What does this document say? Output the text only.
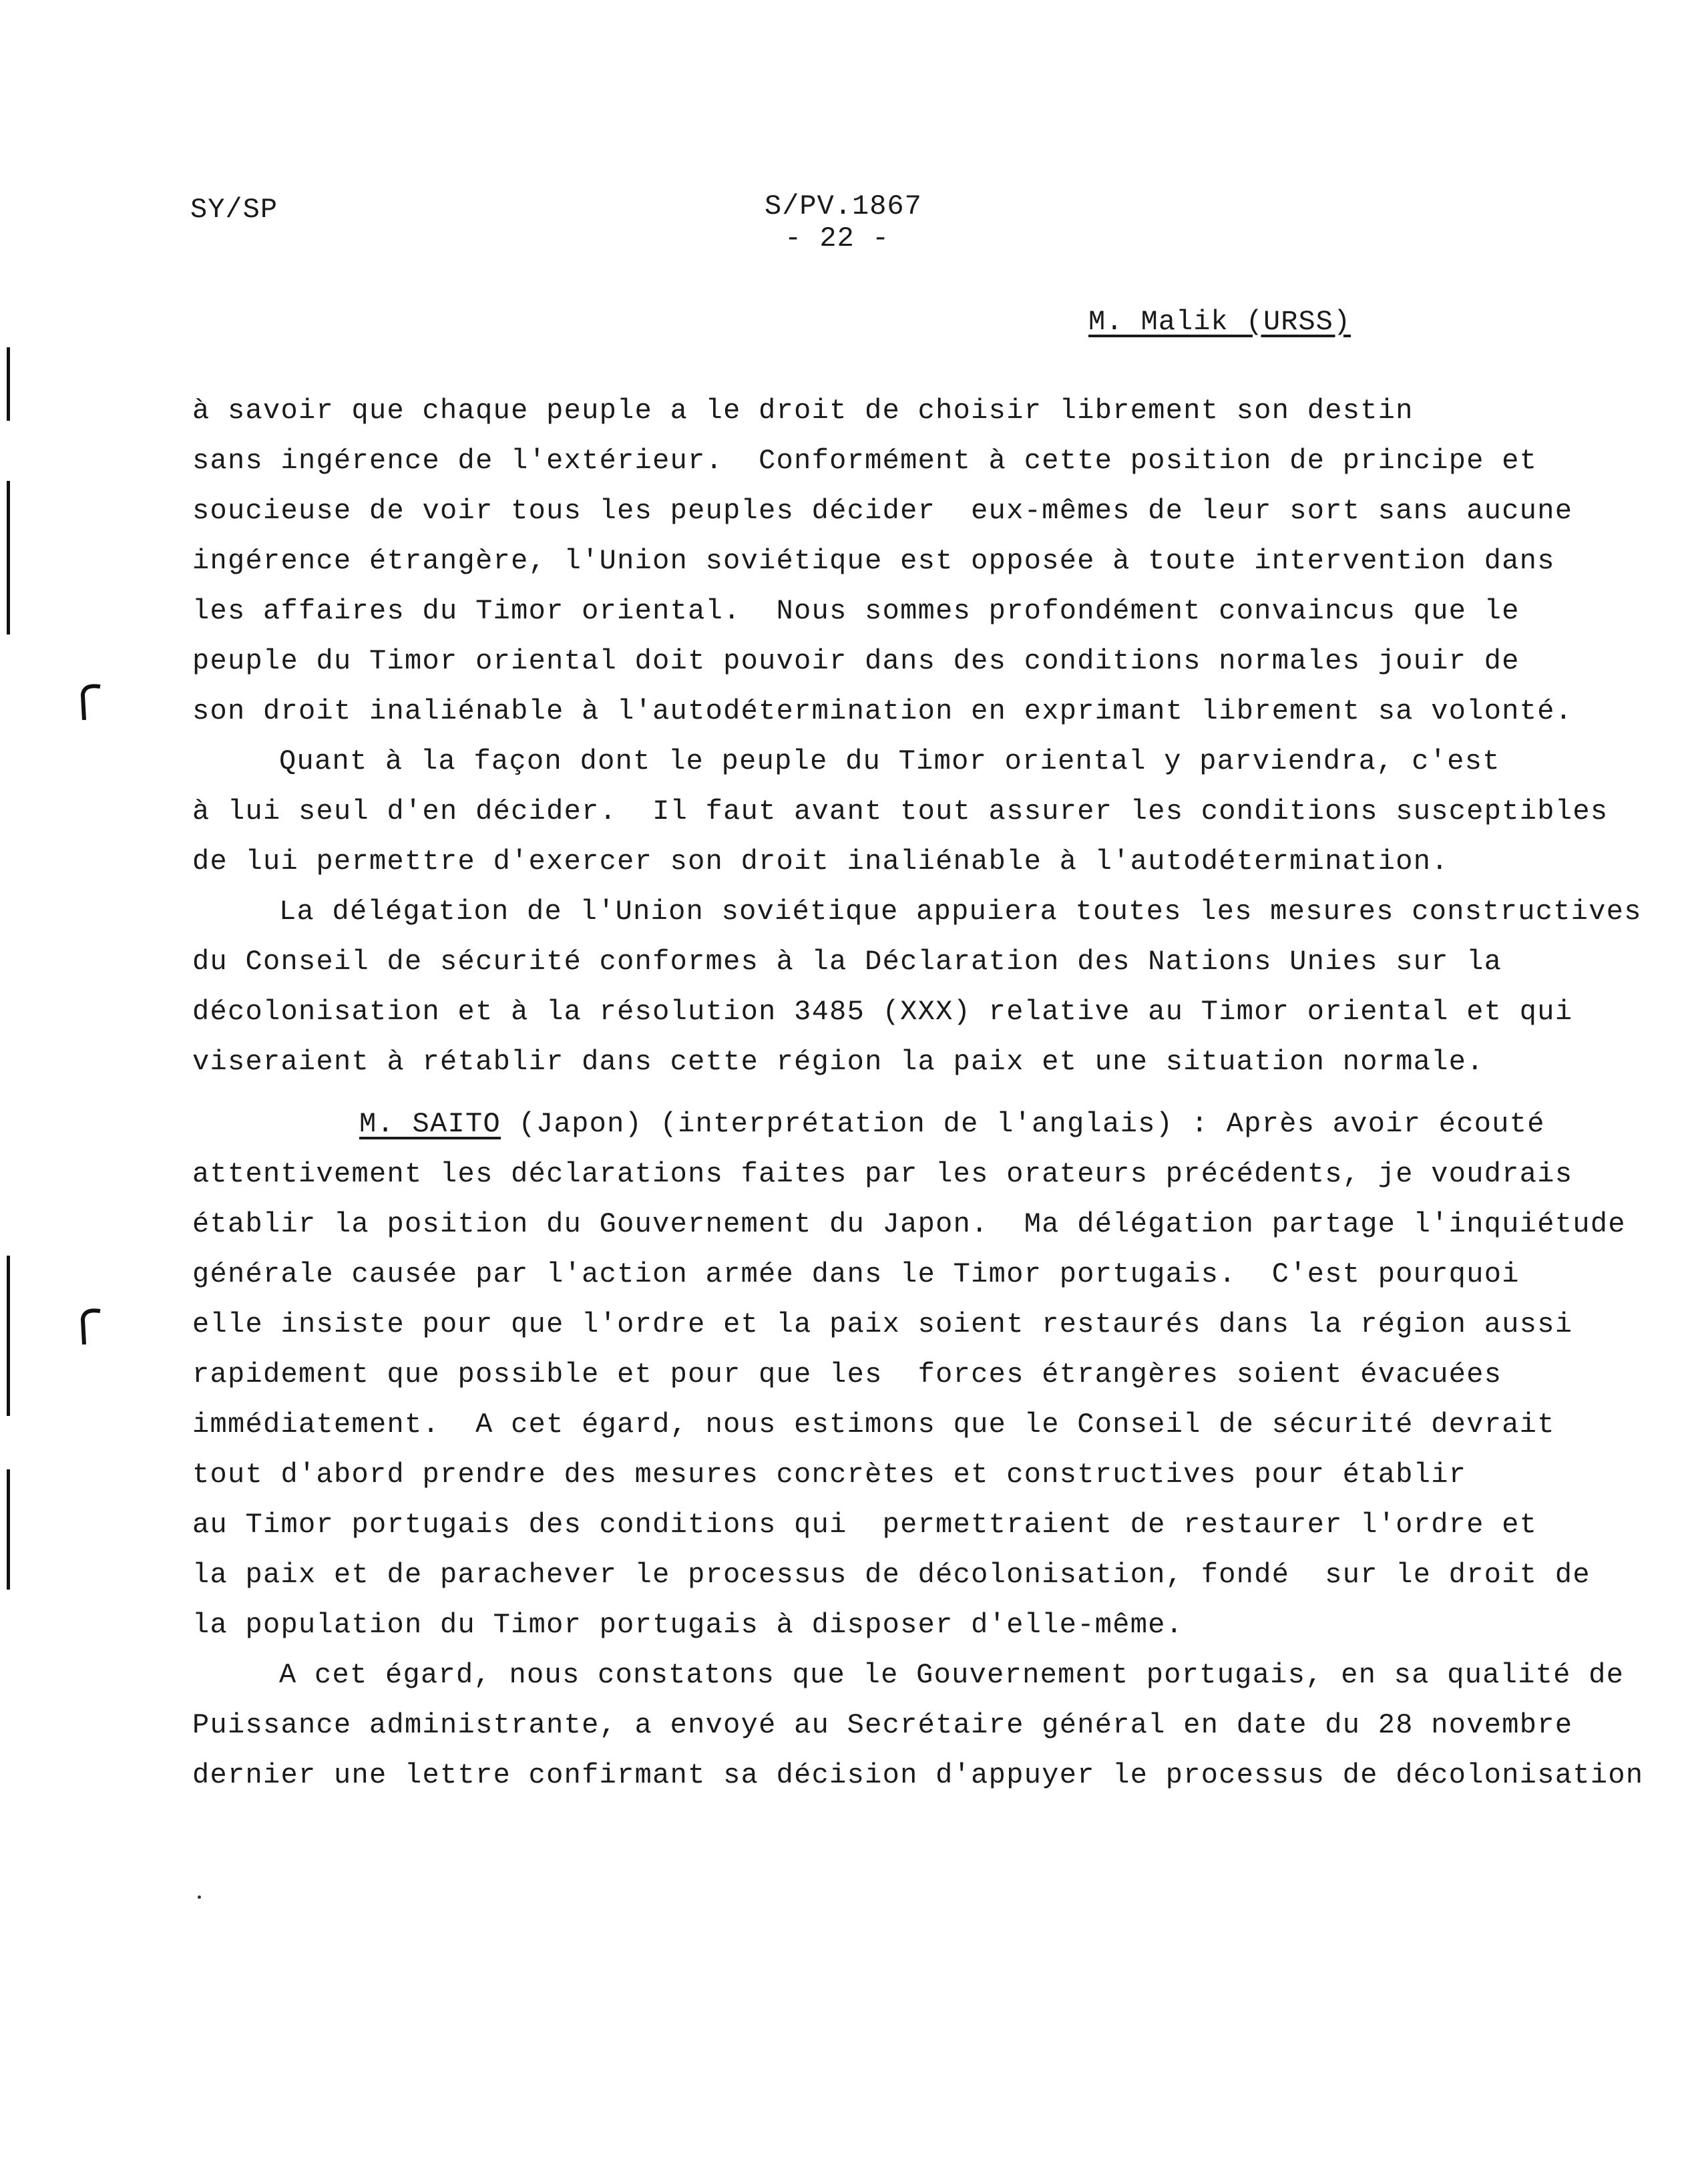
SY/SP	S/PV.1867
- 22 -
M. Malik (URSS)
à savoir que chaque peuple a le droit de choisir librement son destin
sans ingérence de l'extérieur.  Conformément à cette position de principe et
soucieuse de voir tous les peuples décider  eux-mêmes de leur sort sans aucune
ingérence étrangère, l'Union soviétique est opposée à toute intervention dans
les affaires du Timor oriental.  Nous sommes profondément convaincus que le
peuple du Timor oriental doit pouvoir dans des conditions normales jouir de
son droit inaliénable à l'autodétermination en exprimant librement sa volonté.
Quant à la façon dont le peuple du Timor oriental y parviendra, c'est
à lui seul d'en décider.  Il faut avant tout assurer les conditions susceptibles
de lui permettre d'exercer son droit inaliénable à l'autodétermination.
La délégation de l'Union soviétique appuiera toutes les mesures constructives
du Conseil de sécurité conformes à la Déclaration des Nations Unies sur la
décolonisation et à la résolution 3485 (XXX) relative au Timor oriental et qui
viseraient à rétablir dans cette région la paix et une situation normale.
M. SAITO (Japon) (interprétation de l'anglais) : Après avoir écouté
attentivement les déclarations faites par les orateurs précédents, je voudrais
établir la position du Gouvernement du Japon.  Ma délégation partage l'inquiétude
générale causée par l'action armée dans le Timor portugais.  C'est pourquoi
elle insiste pour que l'ordre et la paix soient restaurés dans la région aussi
rapidement que possible et pour que les  forces étrangères soient évacuées
immédiatement.  A cet égard, nous estimons que le Conseil de sécurité devrait
tout d'abord prendre des mesures concrètes et constructives pour établir
au Timor portugais des conditions qui  permettraient de restaurer l'ordre et
la paix et de parachever le processus de décolonisation, fondé  sur le droit de
la population du Timor portugais à disposer d'elle-même.
A cet égard, nous constatons que le Gouvernement portugais, en sa qualité de
Puissance administrante, a envoyé au Secrétaire général en date du 28 novembre
dernier une lettre confirmant sa décision d'appuyer le processus de décolonisation
